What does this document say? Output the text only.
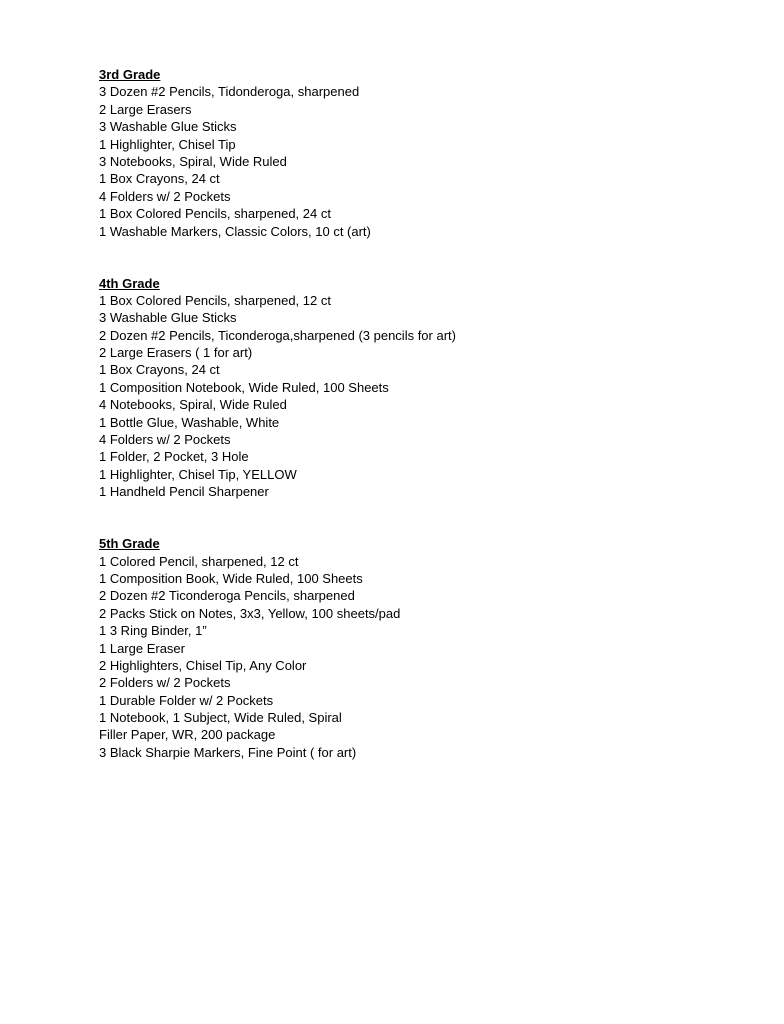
3rd Grade
3 Dozen #2 Pencils, Tidonderoga, sharpened
2 Large Erasers
3 Washable Glue Sticks
1 Highlighter, Chisel Tip
3 Notebooks, Spiral, Wide Ruled
1 Box Crayons, 24 ct
4 Folders w/ 2 Pockets
1 Box Colored Pencils, sharpened, 24 ct
1 Washable Markers, Classic Colors, 10 ct (art)
4th Grade
1 Box Colored Pencils, sharpened, 12 ct
3 Washable Glue Sticks
2 Dozen #2 Pencils, Ticonderoga,sharpened (3 pencils for art)
2 Large Erasers ( 1 for art)
1 Box Crayons, 24 ct
1 Composition Notebook, Wide Ruled, 100 Sheets
4 Notebooks, Spiral, Wide Ruled
1 Bottle Glue, Washable, White
4 Folders w/ 2 Pockets
1 Folder, 2 Pocket, 3 Hole
1 Highlighter, Chisel Tip, YELLOW
1 Handheld Pencil Sharpener
5th Grade
1 Colored Pencil, sharpened, 12 ct
1 Composition Book, Wide Ruled, 100 Sheets
2 Dozen #2 Ticonderoga Pencils, sharpened
2 Packs Stick on Notes, 3x3, Yellow, 100 sheets/pad
1 3 Ring Binder, 1”
1 Large Eraser
2 Highlighters, Chisel Tip, Any Color
2 Folders w/ 2 Pockets
1 Durable Folder w/ 2 Pockets
1 Notebook, 1 Subject, Wide Ruled, Spiral
Filler Paper, WR, 200 package
3 Black Sharpie Markers, Fine Point ( for art)
